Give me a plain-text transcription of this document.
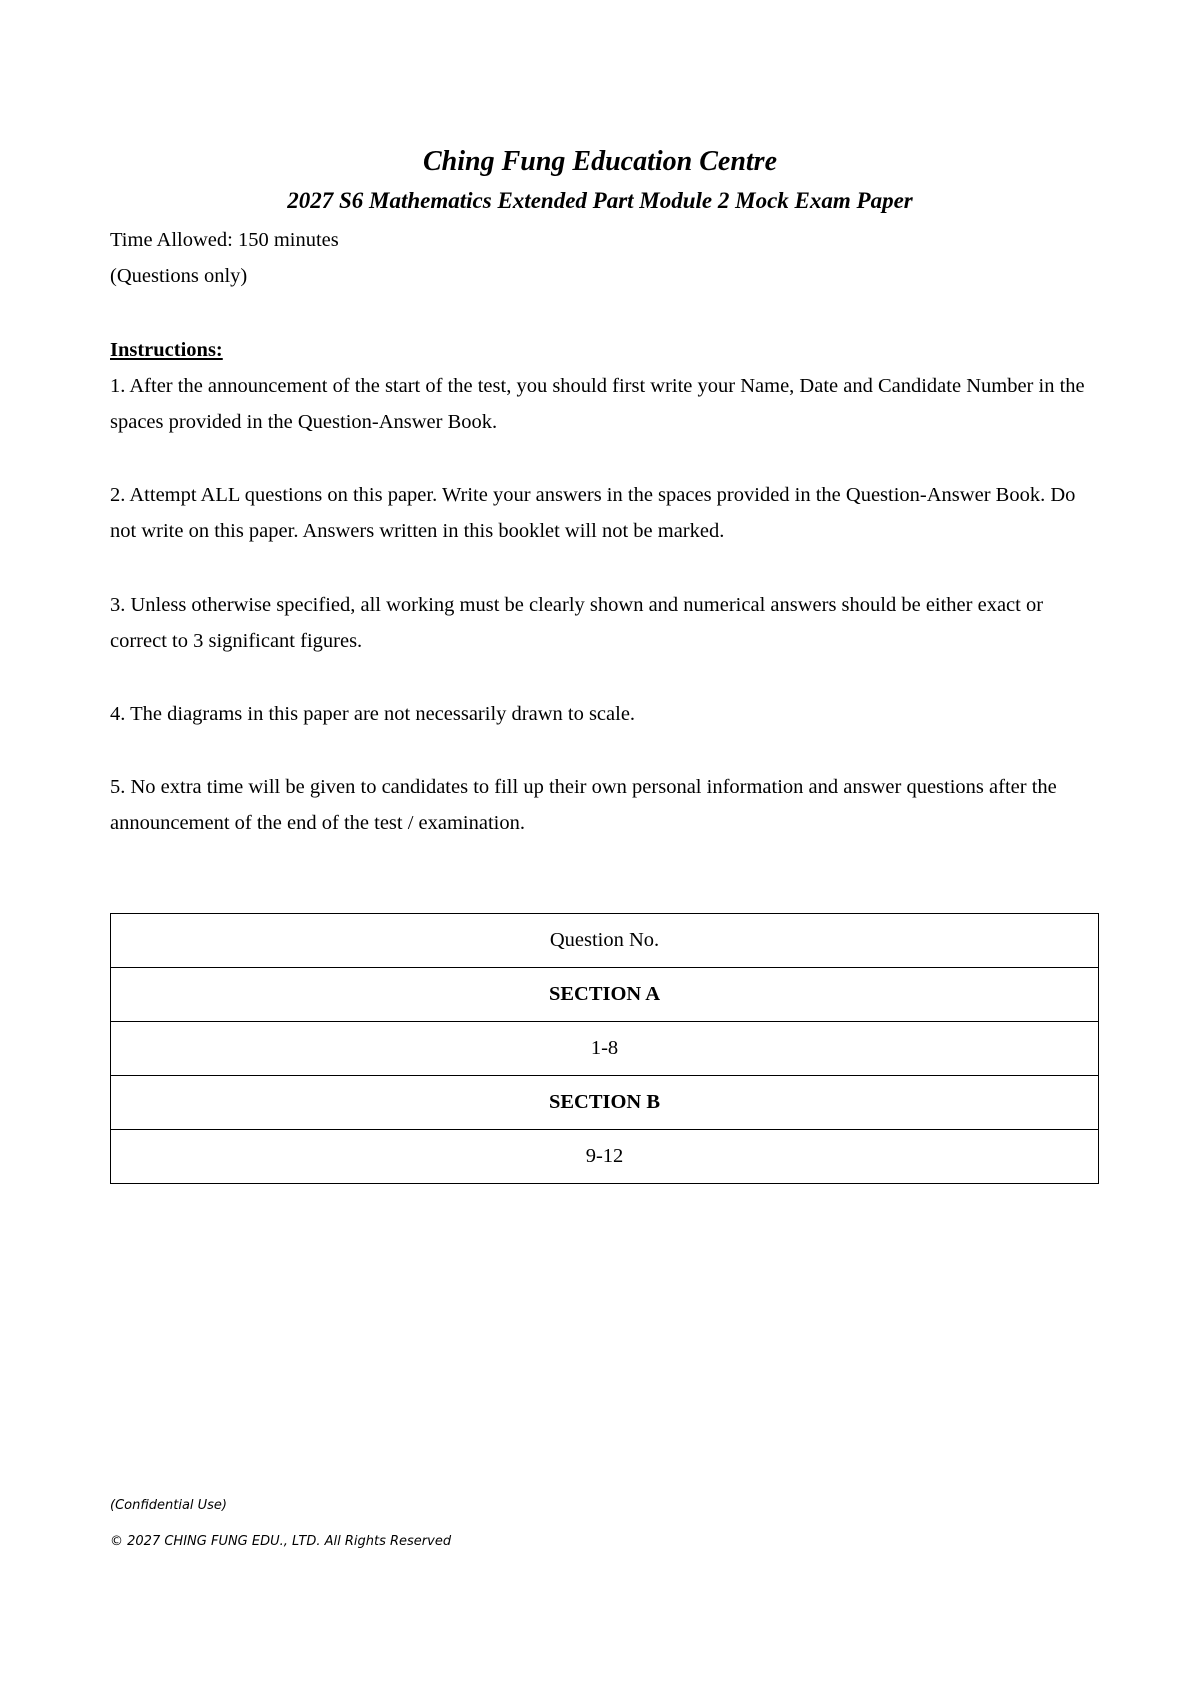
Ching Fung Education Centre
2027 S6 Mathematics Extended Part Module 2 Mock Exam Paper
Time Allowed: 150 minutes
(Questions only)
Instructions:
1. After the announcement of the start of the test, you should first write your Name, Date and Candidate Number in the spaces provided in the Question-Answer Book.
2. Attempt ALL questions on this paper. Write your answers in the spaces provided in the Question-Answer Book. Do not write on this paper. Answers written in this booklet will not be marked.
3. Unless otherwise specified, all working must be clearly shown and numerical answers should be either exact or correct to 3 significant figures.
4. The diagrams in this paper are not necessarily drawn to scale.
5. No extra time will be given to candidates to fill up their own personal information and answer questions after the announcement of the end of the test / examination.
Question No.
SECTION A
1-8
SECTION B
9-12
(Confidential Use)
© 2027 CHING FUNG EDU., LTD. All Rights Reserved
